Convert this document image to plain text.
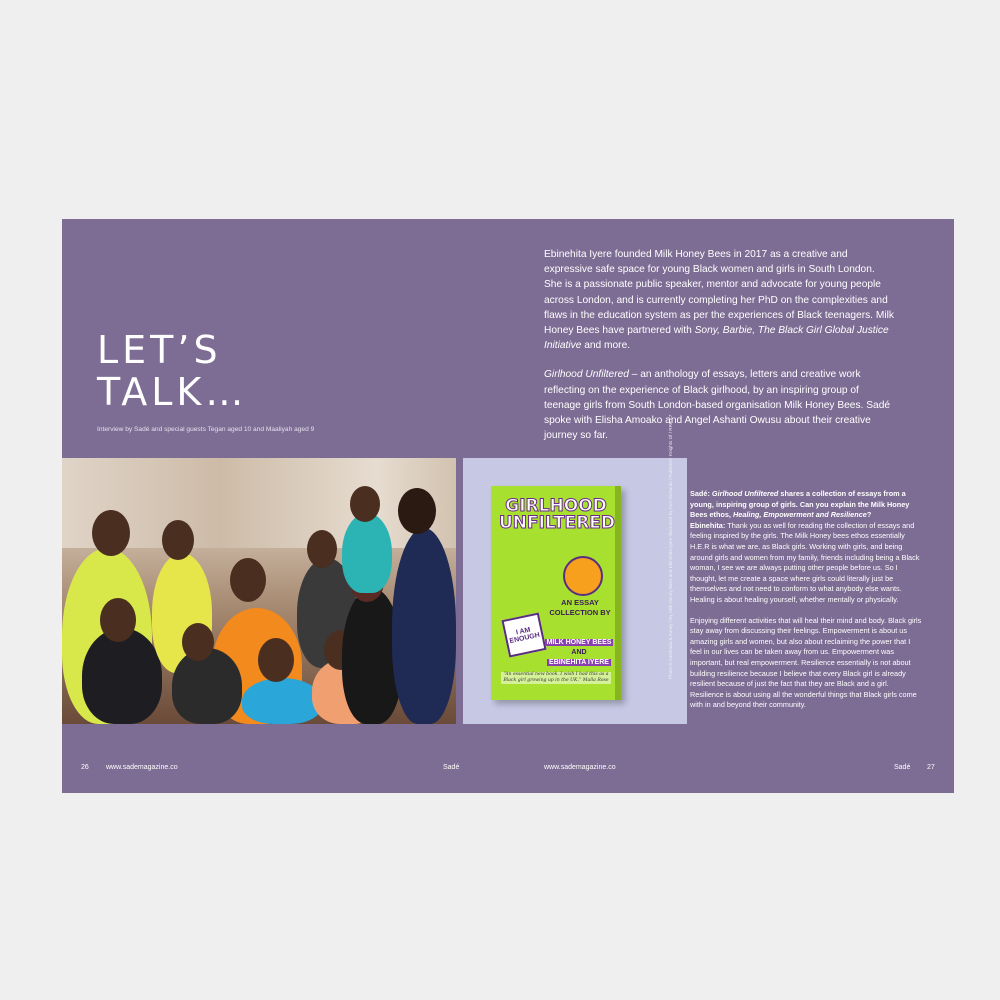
LET’S
TALK…
Interview by Sadé and special guests Tegan aged 10 and Maaliyah aged 9

Ebinehita Iyere founded Milk Honey Bees in 2017 as a creative and expressive safe space for young Black women and girls in South London. She is a passionate public speaker, mentor and advocate for young people across London, and is currently completing her PhD on the complexities and flaws in the education system as per the experiences of Black teenagers. Milk Honey Bees have partnered with Sony, Barbie, The Black Girl Global Justice Initiative and more.

Girlhood Unfiltered – an anthology of essays, letters and creative work reflecting on the experience of Black girlhood, by an inspiring group of teenage girls from South London-based organisation Milk Honey Bees. Sadé spoke with Elisha Amoako and Angel Ashanti Owusu about their creative journey so far.

GIRLHOOD
UNFILTERED
I AM ENOUGH
AN ESSAY COLLECTION BY
MILK HONEY BEES
AND
EBINEHITA IYERE
“An essential new book. I wish I had this as a Black girl growing up in the UK.” Malla Rose
Photo © AasiFaria & Anney / By Milk Honey Bees and Ebinehita Iyere Illustrated by Ken Richards / Publisher: Knights Of / RRP £7 Sadé: Girlhood Unfiltered shares a collection of essays from a young, inspiring group of girls. Can you explain the Milk Honey Bees ethos, Healing, Empowerment and Resilience?
Ebinehita: Thank you as well for reading the collection of essays and feeling inspired by the girls. The Milk Honey bees ethos essentially H.E.R is what we are, as Black girls. Working with girls, and being around girls and women from my family, friends including being a Black woman, I see we are always putting other people before us. So I thought, let me create a space where girls could literally just be themselves and not need to conform to what anybody else wants. Healing is about healing yourself, whether mentally or physically.

Enjoying different activities that will heal their mind and body. Black girls stay away from discussing their feelings. Empowerment is about us amazing girls and women, but also about reclaiming the power that I feel in our lives can be taken away from us. Empowerment was important, but real empowerment. Resilience essentially is not about building resilience because I believe that every Black girl is already resilient because of just the fact that they are Black and a girl. Resilience is about using all the wonderful things that Black girls come with in and beyond their community.

26 www.sademagazine.co	Sadé	www.sademagazine.co	Sadé 27
